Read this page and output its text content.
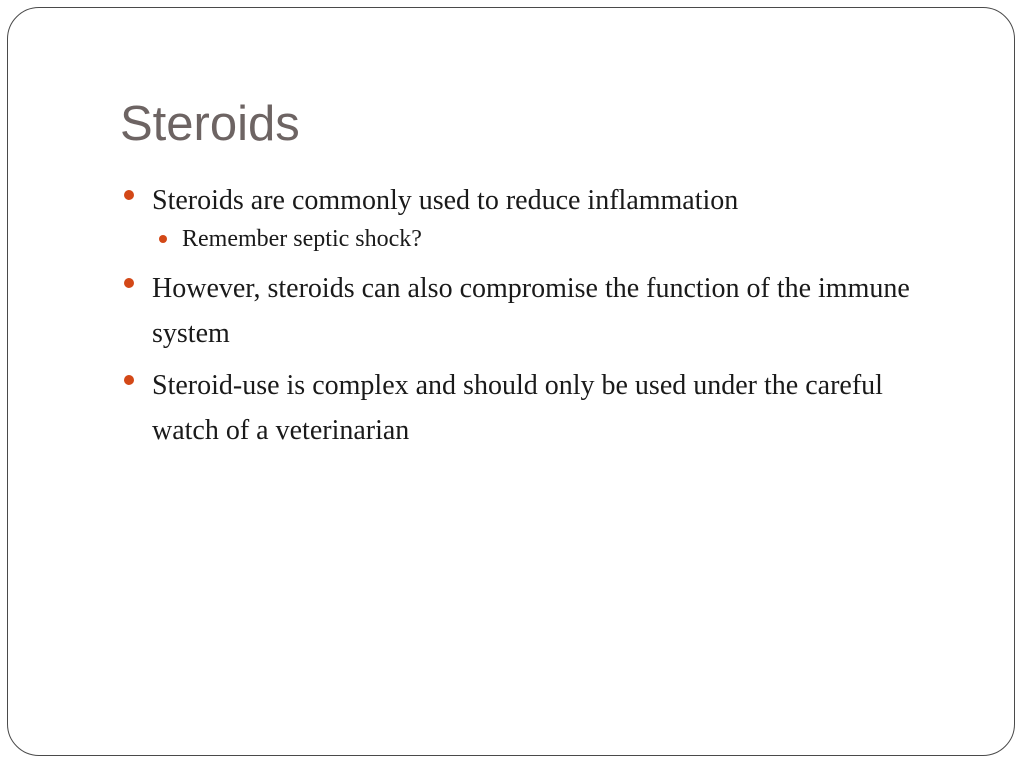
Steroids
Steroids are commonly used to reduce inflammation
Remember septic shock?
However, steroids can also compromise the function of the immune system
Steroid-use is complex and should only be used under the careful watch of a veterinarian
